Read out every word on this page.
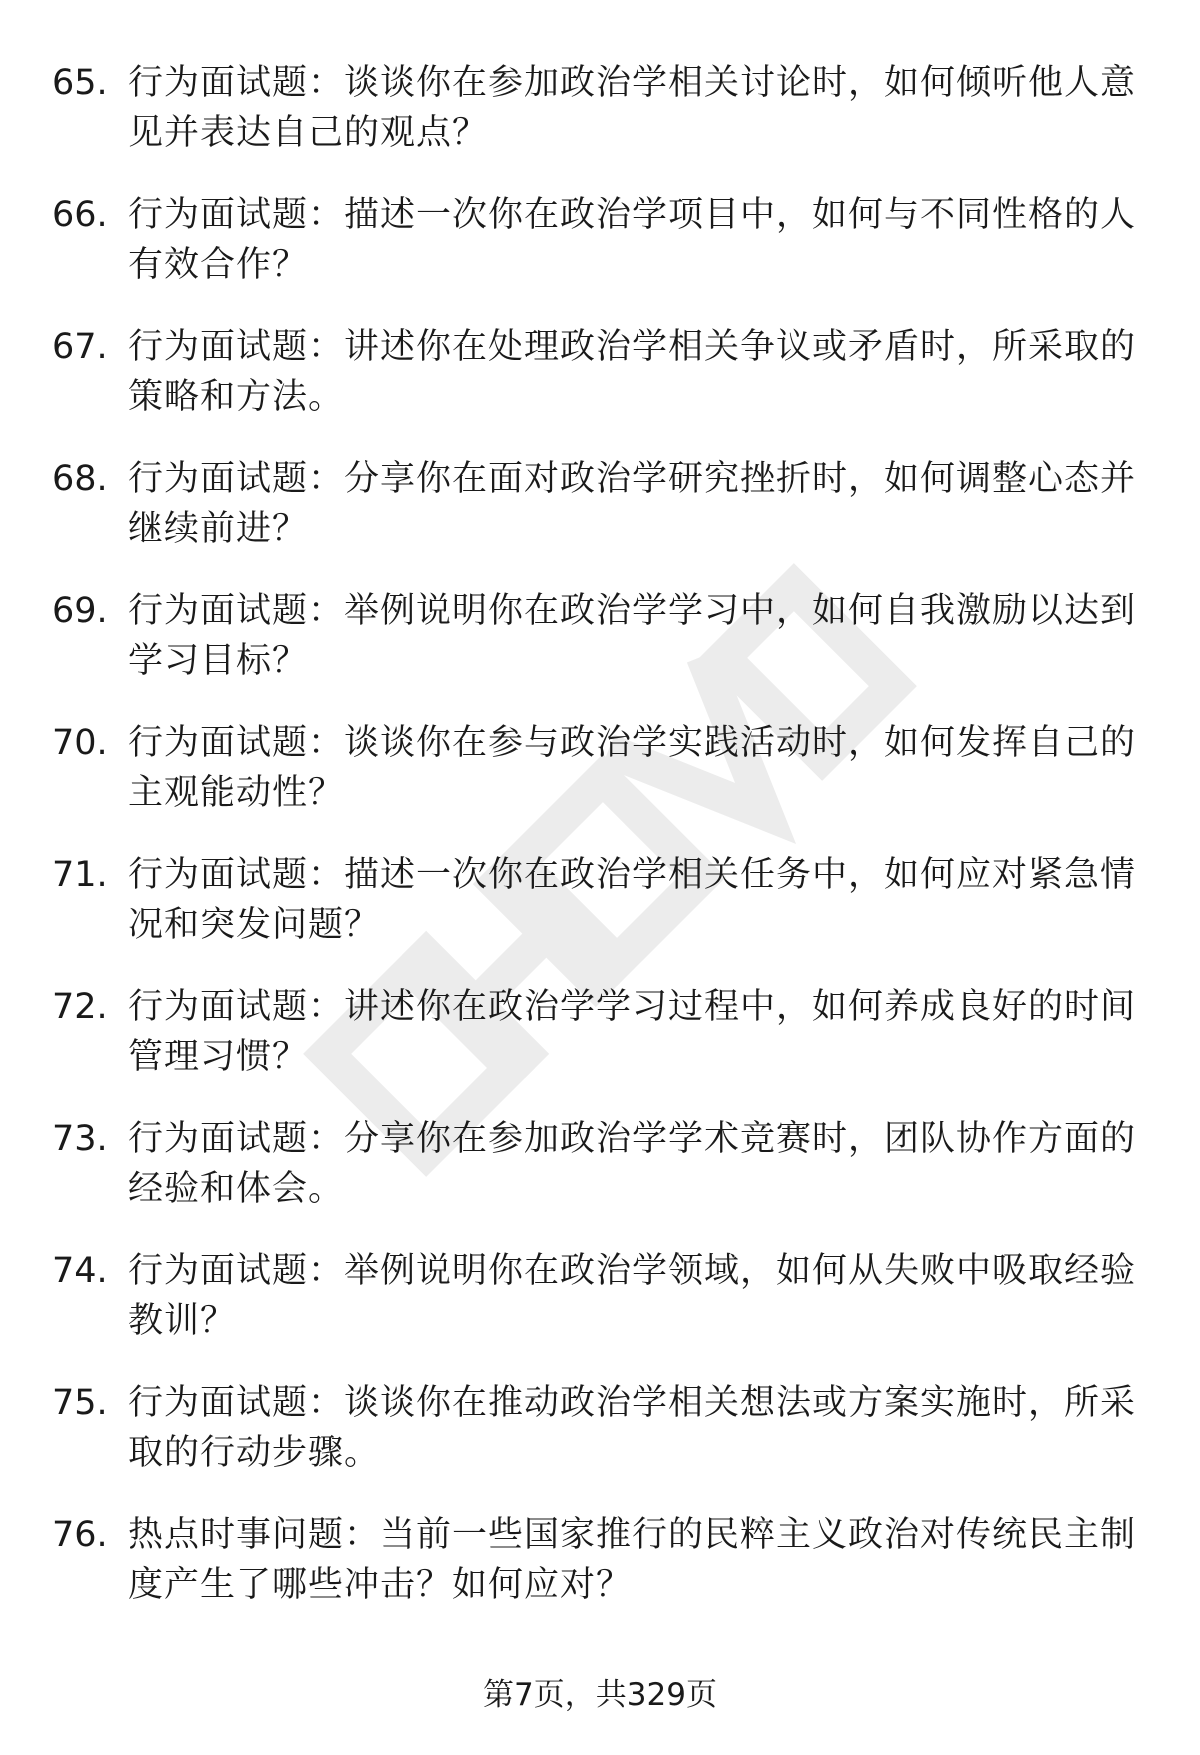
65. 行为面试题：谈谈你在参加政治学相关讨论时，如何倾听他人意见并表达自己的观点？
66. 行为面试题：描述一次你在政治学项目中，如何与不同性格的人有效合作？
67. 行为面试题：讲述你在处理政治学相关争议或矛盾时，所采取的策略和方法。
68. 行为面试题：分享你在面对政治学研究挫折时，如何调整心态并继续前进？
69. 行为面试题：举例说明你在政治学学习中，如何自我激励以达到学习目标？
70. 行为面试题：谈谈你在参与政治学实践活动时，如何发挥自己的主观能动性？
71. 行为面试题：描述一次你在政治学相关任务中，如何应对紧急情况和突发问题？
72. 行为面试题：讲述你在政治学学习过程中，如何养成良好的时间管理习惯？
73. 行为面试题：分享你在参加政治学学术竞赛时，团队协作方面的经验和体会。
74. 行为面试题：举例说明你在政治学领域，如何从失败中吸取经验教训？
75. 行为面试题：谈谈你在推动政治学相关想法或方案实施时，所采取的行动步骤。
76. 热点时事问题：当前一些国家推行的民粹主义政治对传统民主制度产生了哪些冲击？如何应对？
第7页，共329页
